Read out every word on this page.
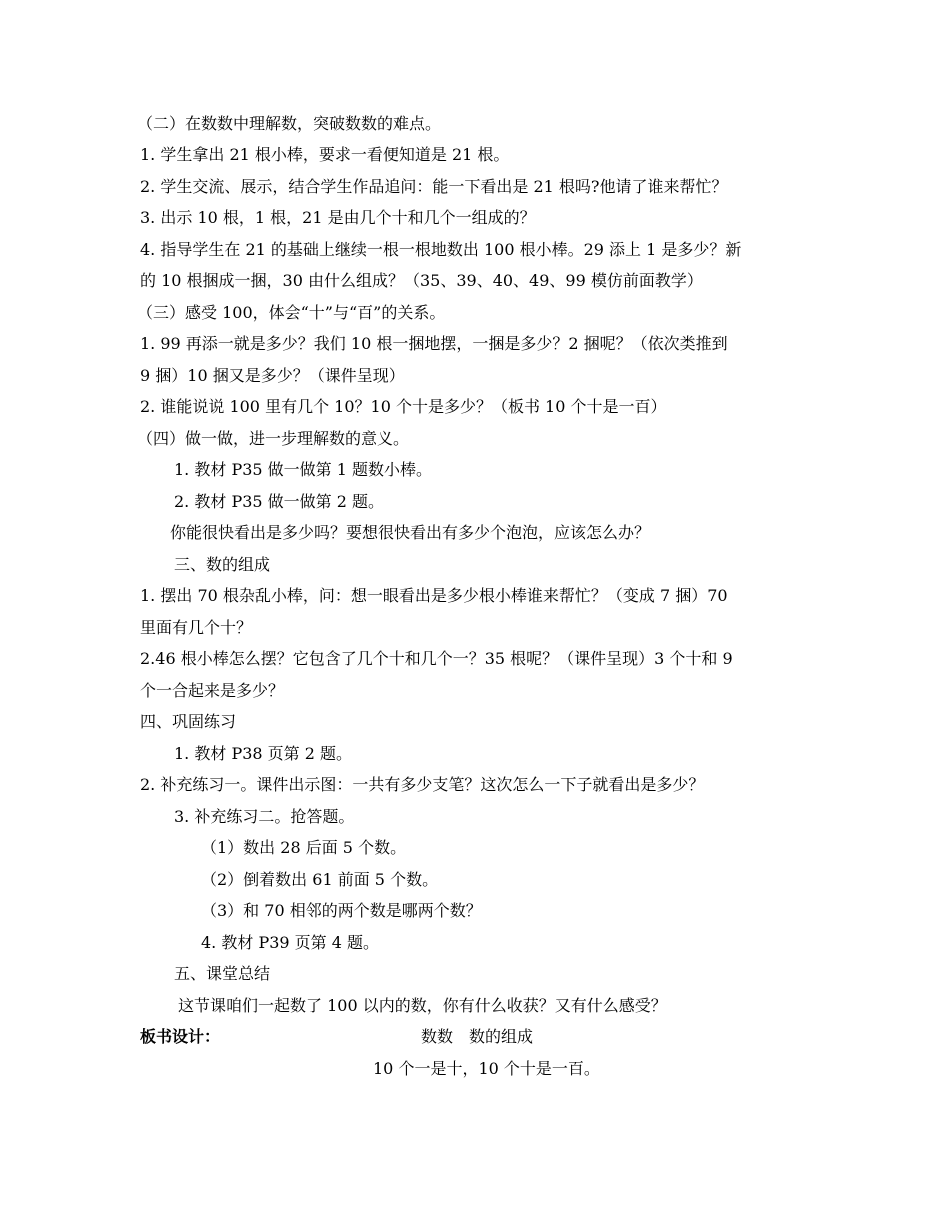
（二）在数数中理解数，突破数数的难点。
1. 学生拿出 21 根小棒，要求一看便知道是 21 根。
2. 学生交流、展示，结合学生作品追问：能一下看出是 21 根吗?他请了谁来帮忙？
3. 出示 10 根，1 根，21 是由几个十和几个一组成的？
4. 指导学生在 21 的基础上继续一根一根地数出 100 根小棒。29 添上 1 是多少？新
的 10 根捆成一捆，30 由什么组成？（35、39、40、49、99 模仿前面教学）
（三）感受 100，体会“十”与“百”的关系。
1. 99 再添一就是多少？我们 10 根一捆地摆，一捆是多少？2 捆呢？（依次类推到
9 捆）10 捆又是多少？（课件呈现）
2. 谁能说说 100 里有几个 10？10 个十是多少？（板书 10 个十是一百）
（四）做一做，进一步理解数的意义。
1. 教材 P35 做一做第 1 题数小棒。
2. 教材 P35 做一做第 2 题。
你能很快看出是多少吗？要想很快看出有多少个泡泡，应该怎么办？
三、数的组成
1. 摆出 70 根杂乱小棒，问：想一眼看出是多少根小棒谁来帮忙？（变成 7 捆）70
里面有几个十？
2.46 根小棒怎么摆？它包含了几个十和几个一？35 根呢？（课件呈现）3 个十和 9
个一合起来是多少？
四、巩固练习
1. 教材 P38 页第 2 题。
2. 补充练习一。课件出示图：一共有多少支笔？这次怎么一下子就看出是多少？
3. 补充练习二。抢答题。
（1）数出 28 后面 5 个数。
（2）倒着数出 61 前面 5 个数。
（3）和 70 相邻的两个数是哪两个数？
4. 教材 P39 页第 4 题。
五、课堂总结
这节课咱们一起数了 100 以内的数，你有什么收获？又有什么感受？
板书设计：	数数　数的组成
10 个一是十，10 个十是一百。
